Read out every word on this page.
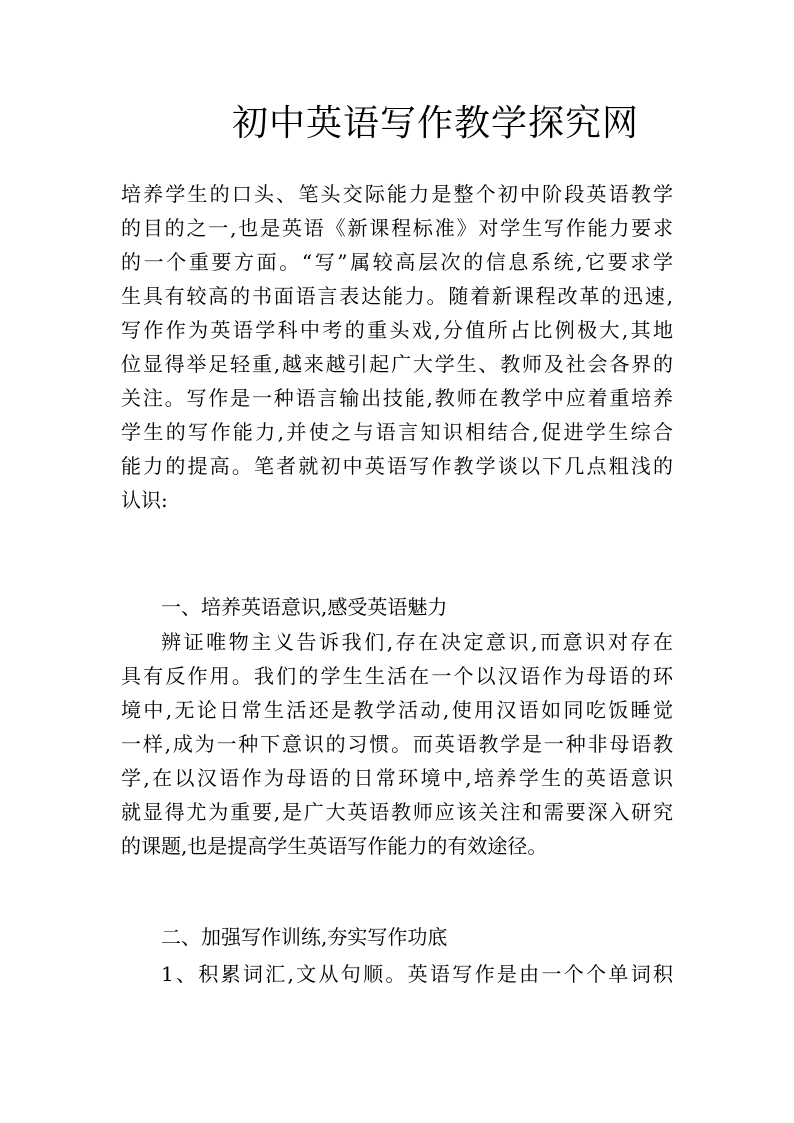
初中英语写作教学探究网
培养学生的口头、笔头交际能力是整个初中阶段英语教学
的目的之一,也是英语《新课程标准》对学生写作能力要求
的一个重要方面。“写”属较高层次的信息系统,它要求学
生具有较高的书面语言表达能力。随着新课程改革的迅速,
写作作为英语学科中考的重头戏,分值所占比例极大,其地
位显得举足轻重,越来越引起广大学生、教师及社会各界的
关注。写作是一种语言输出技能,教师在教学中应着重培养
学生的写作能力,并使之与语言知识相结合,促进学生综合
能力的提高。笔者就初中英语写作教学谈以下几点粗浅的
认识:
一、培养英语意识,感受英语魅力
辨证唯物主义告诉我们,存在决定意识,而意识对存在
具有反作用。我们的学生生活在一个以汉语作为母语的环
境中,无论日常生活还是教学活动,使用汉语如同吃饭睡觉
一样,成为一种下意识的习惯。而英语教学是一种非母语教
学,在以汉语作为母语的日常环境中,培养学生的英语意识
就显得尤为重要,是广大英语教师应该关注和需要深入研究
的课题,也是提高学生英语写作能力的有效途径。
二、加强写作训练,夯实写作功底
1、积累词汇,文从句顺。英语写作是由一个个单词积
